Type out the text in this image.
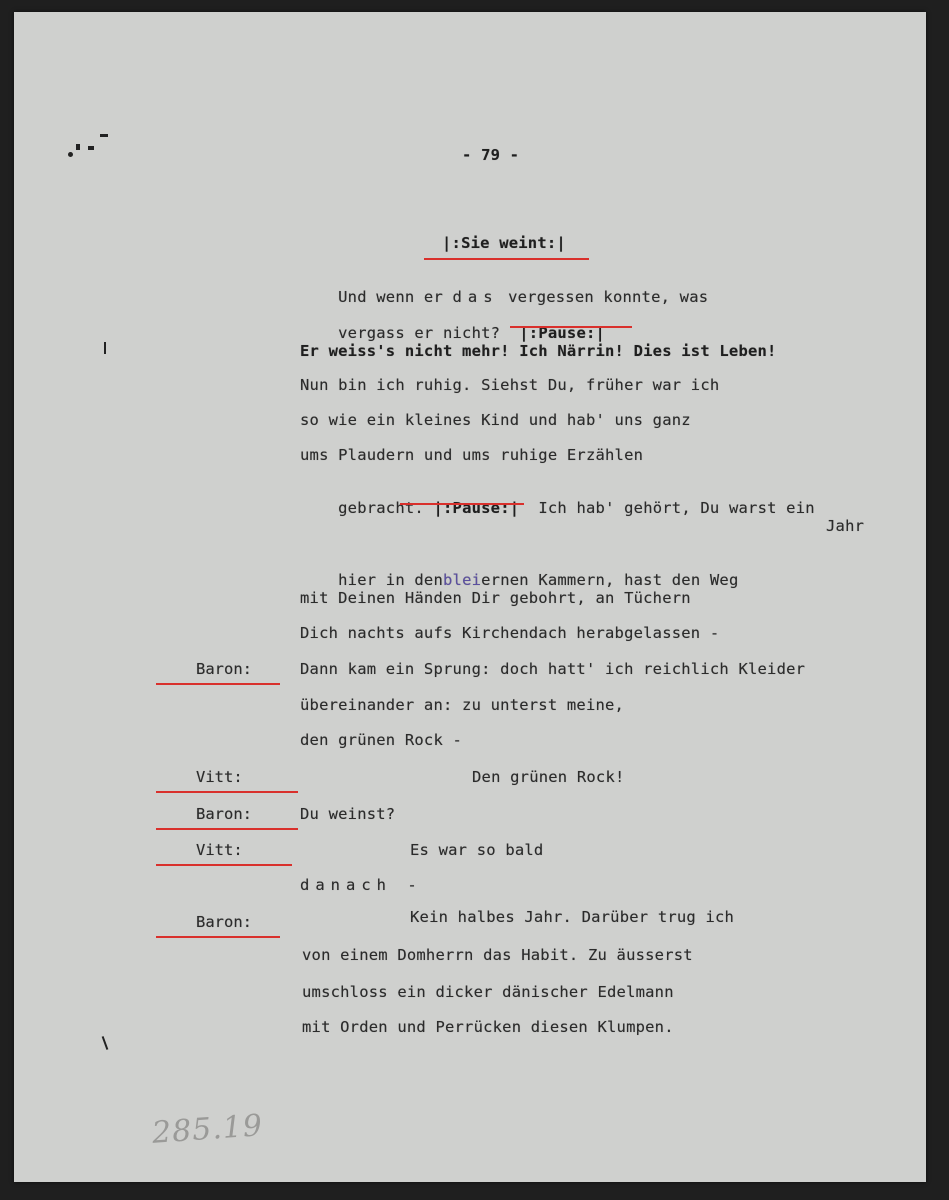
- 79 -
|:Sie weint:|

Und wenn er das vergessen konnte, was

vergass er nicht? |:Pause:|

Er weiss's nicht mehr! Ich Närrin! Dies ist Leben!
Nun bin ich ruhig. Siehst Du, früher war ich
so wie ein kleines Kind und hab' uns ganz
ums Plaudern und ums ruhige Erzählen

gebracht. |:Pause:| Ich hab' gehört, Du warst ein

Jahr

hier in denbleiernen Kammern, hast den Weg

mit Deinen Händen Dir gebohrt, an Tüchern
Dich nachts aufs Kirchendach herabgelassen -
Baron:	Dann kam ein Sprung: doch hatt' ich reichlich Kleider
übereinander an: zu unterst meine,
den grünen Rock -
Vitt:	Den grünen Rock!
Baron:	Du weinst?
Vitt:	Es war so bald
danach -
Baron:	Kein halbes Jahr. Darüber trug ich
von einem Domherrn das Habit. Zu äusserst
umschloss ein dicker dänischer Edelmann
mit Orden und Perrücken diesen Klumpen.
285.19
